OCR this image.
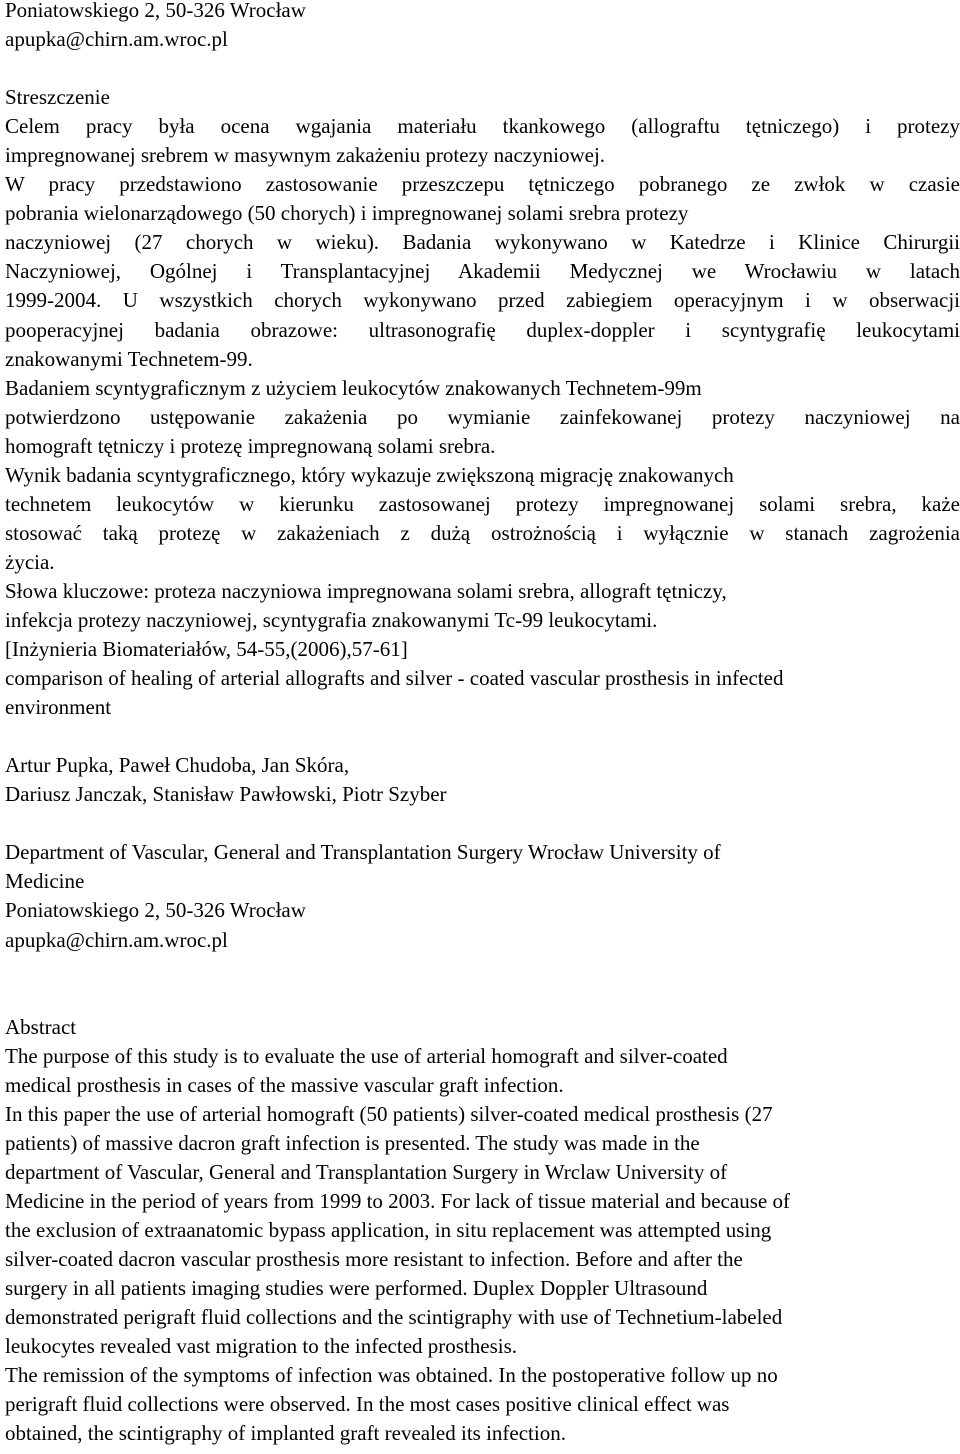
Poniatowskiego 2, 50-326 Wrocław
apupka@chirn.am.wroc.pl
Streszczenie
Celem pracy była ocena wgajania materiału tkankowego (allograftu tętniczego) i protezy
impregnowanej srebrem w masywnym zakażeniu protezy naczyniowej.
W pracy przedstawiono zastosowanie przeszczepu tętniczego pobranego ze zwłok w czasie
pobrania wielonarządowego (50 chorych) i impregnowanej solami srebra protezy
naczyniowej (27 chorych w wieku). Badania wykonywano w Katedrze i Klinice Chirurgii
Naczyniowej, Ogólnej i Transplantacyjnej Akademii Medycznej we Wrocławiu w latach
1999-2004. U wszystkich chorych wykonywano przed zabiegiem operacyjnym i w obserwacji
pooperacyjnej badania obrazowe: ultrasonografię duplex-doppler i scyntygrafię leukocytami
znakowanymi Technetem-99.
Badaniem scyntygraficznym z użyciem leukocytów znakowanych Technetem-99m
potwierdzono ustępowanie zakażenia po wymianie zainfekowanej protezy naczyniowej na
homograft tętniczy i protezę impregnowaną solami srebra.
Wynik badania scyntygraficznego, który wykazuje zwiększoną migrację znakowanych
technetem leukocytów w kierunku zastosowanej protezy impregnowanej solami srebra, każe
stosować taką protezę w zakażeniach z dużą ostrożnością i wyłącznie w stanach zagrożenia
życia.
Słowa kluczowe: proteza naczyniowa impregnowana solami srebra, allograft tętniczy,
infekcja protezy naczyniowej, scyntygrafia znakowanymi Tc-99 leukocytami.
[Inżynieria Biomateriałów, 54-55,(2006),57-61]
comparison of healing of arterial allografts and silver - coated vascular prosthesis in infected
environment
Artur Pupka, Paweł Chudoba, Jan Skóra,
Dariusz Janczak, Stanisław Pawłowski, Piotr Szyber
Department of Vascular, General and Transplantation Surgery Wrocław University of
Medicine
Poniatowskiego 2, 50-326 Wrocław
apupka@chirn.am.wroc.pl
Abstract
The purpose of this study is to evaluate the use of arterial homograft and silver-coated
medical prosthesis in cases of the massive vascular graft infection.
In this paper the use of arterial homograft (50 patients) silver-coated medical prosthesis (27
patients) of massive dacron graft infection is presented. The study was made in the
department of Vascular, General and Transplantation Surgery in Wrclaw University of
Medicine in the period of years from 1999 to 2003. For lack of tissue material and because of
the exclusion of extraanatomic bypass application, in situ replacement was attempted using
silver-coated dacron vascular prosthesis more resistant to infection. Before and after the
surgery in all patients imaging studies were performed. Duplex Doppler Ultrasound
demonstrated perigraft fluid collections and the scintigraphy with use of Technetium-labeled
leukocytes revealed vast migration to the infected prosthesis.
The remission of the symptoms of infection was obtained. In the postoperative follow up no
perigraft fluid collections were observed. In the most cases positive clinical effect was
obtained, the scintigraphy of implanted graft revealed its infection.
